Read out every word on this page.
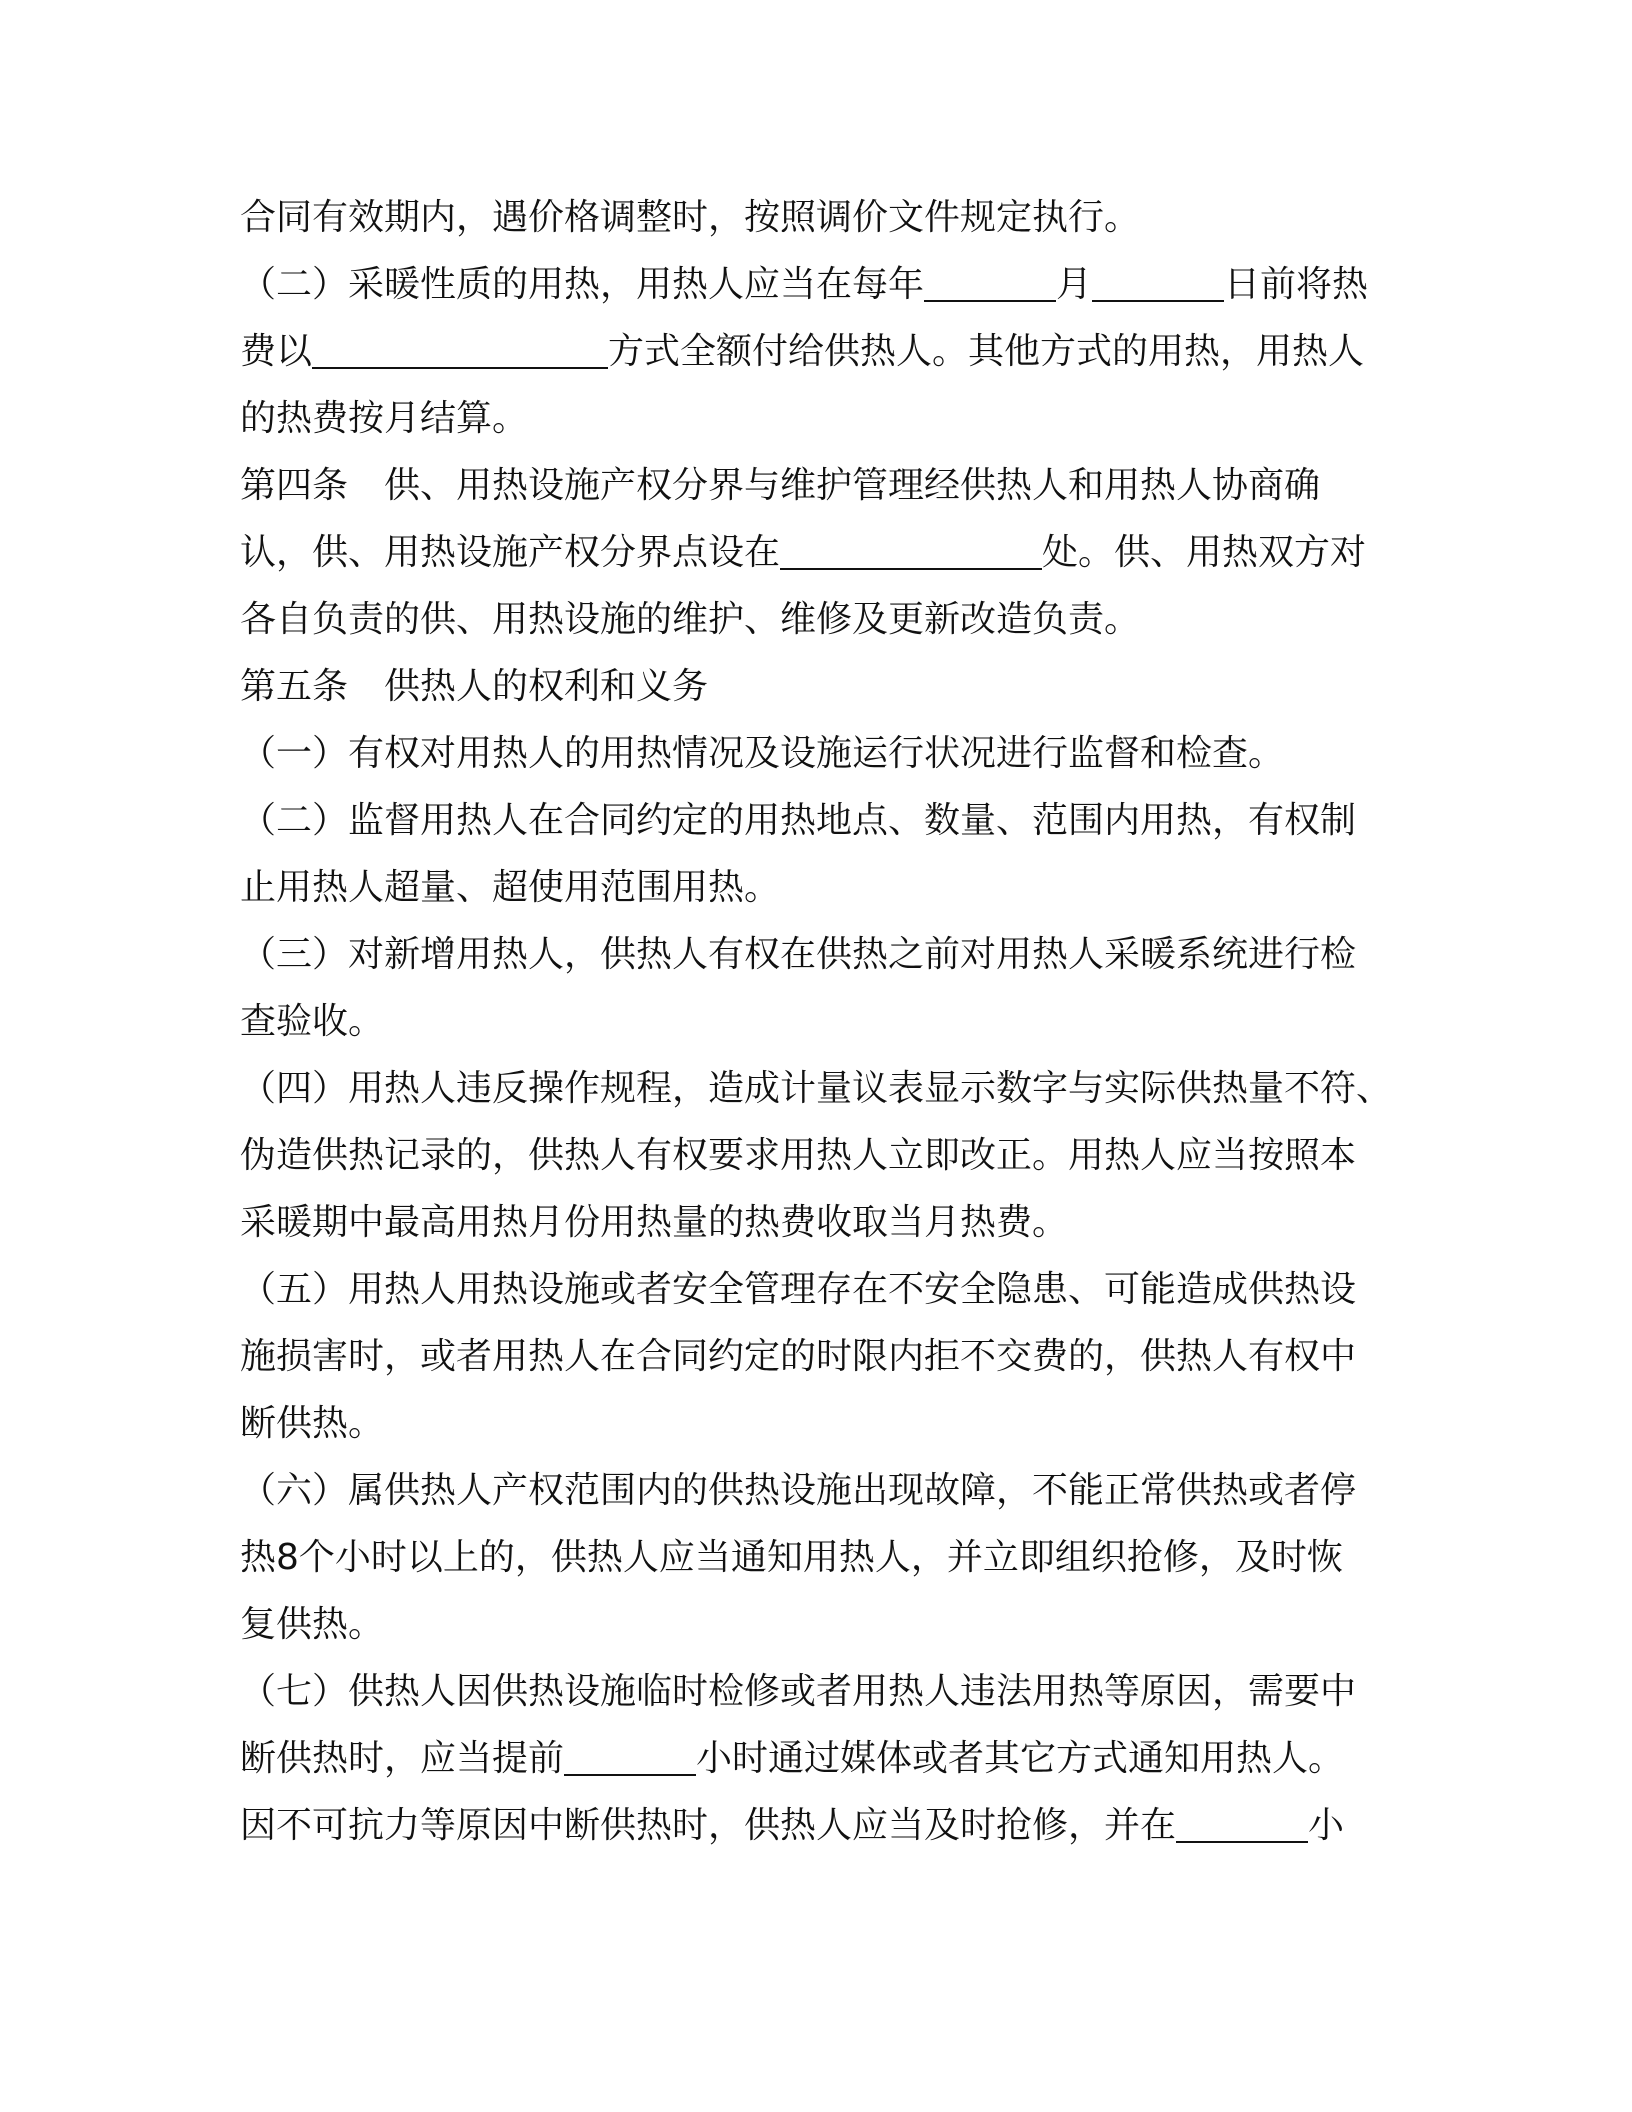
合同有效期内，遇价格调整时，按照调价文件规定执行。
（二）采暖性质的用热，用热人应当在每年	月	日前将热
费以	方式全额付给供热人。其他方式的用热，用热人
的热费按月结算。
第四条 供、用热设施产权分界与维护管理经供热人和用热人协商确
认，供、用热设施产权分界点设在	处。供、用热双方对
各自负责的供、用热设施的维护、维修及更新改造负责。
第五条 供热人的权利和义务
（一）有权对用热人的用热情况及设施运行状况进行监督和检查。
（二）监督用热人在合同约定的用热地点、数量、范围内用热，有权制
止用热人超量、超使用范围用热。
（三）对新增用热人，供热人有权在供热之前对用热人采暖系统进行检
查验收。
（四）用热人违反操作规程，造成计量议表显示数字与实际供热量不符、
伪造供热记录的，供热人有权要求用热人立即改正。用热人应当按照本
采暖期中最高用热月份用热量的热费收取当月热费。
（五）用热人用热设施或者安全管理存在不安全隐患、可能造成供热设
施损害时，或者用热人在合同约定的时限内拒不交费的，供热人有权中
断供热。
（六）属供热人产权范围内的供热设施出现故障，不能正常供热或者停
热8个小时以上的，供热人应当通知用热人，并立即组织抢修，及时恢
复供热。
（七）供热人因供热设施临时检修或者用热人违法用热等原因，需要中
断供热时，应当提前	小时通过媒体或者其它方式通知用热人。
因不可抗力等原因中断供热时，供热人应当及时抢修，并在	小
